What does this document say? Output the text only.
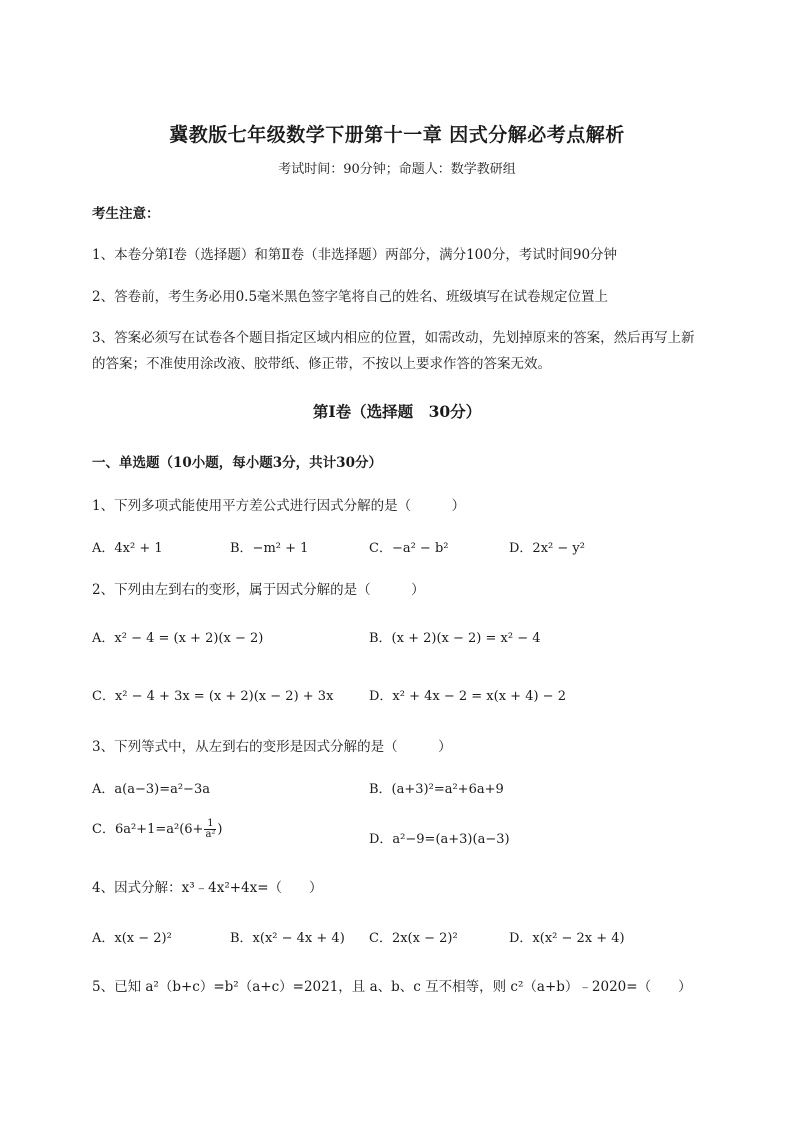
冀教版七年级数学下册第十一章 因式分解必考点解析
考试时间：90分钟；命题人：数学教研组
考生注意：
1、本卷分第Ⅰ卷（选择题）和第Ⅱ卷（非选择题）两部分，满分100分，考试时间90分钟
2、答卷前，考生务必用0.5毫米黑色签字笔将自己的姓名、班级填写在试卷规定位置上
3、答案必须写在试卷各个题目指定区域内相应的位置，如需改动，先划掉原来的答案，然后再写上新
的答案；不准使用涂改液、胶带纸、修正带，不按以上要求作答的答案无效。
第Ⅰ卷（选择题　30分）
一、单选题（10小题，每小题3分，共计30分）
1、下列多项式能使用平方差公式进行因式分解的是（　　　）
A．4x² + 1	B．−m² + 1	C．−a² − b²	D．2x² − y²
2、下列由左到右的变形，属于因式分解的是（　　　）
A．x² − 4 = (x + 2)(x − 2)	B．(x + 2)(x − 2) = x² − 4
C．x² − 4 + 3x = (x + 2)(x − 2) + 3x	D．x² + 4x − 2 = x(x + 4) − 2
3、下列等式中，从左到右的变形是因式分解的是（　　　）
A．a(a−3)=a²−3a	B．(a+3)²=a²+6a+9
C．$6a^2+1=a^2(6+ \frac{1}{\text{a²}}$ )
D．a²−9=(a+3)(a−3)
4、因式分解：x³﹣4x²+4x=（　　）
A．x(x − 2)²	B．x(x² − 4x + 4) C．2x(x − 2)²	D．x(x² − 2x + 4)
5、已知 a²（b+c）=b²（a+c）=2021，且 a、b、c 互不相等，则 c²（a+b）﹣2020=（　　）
